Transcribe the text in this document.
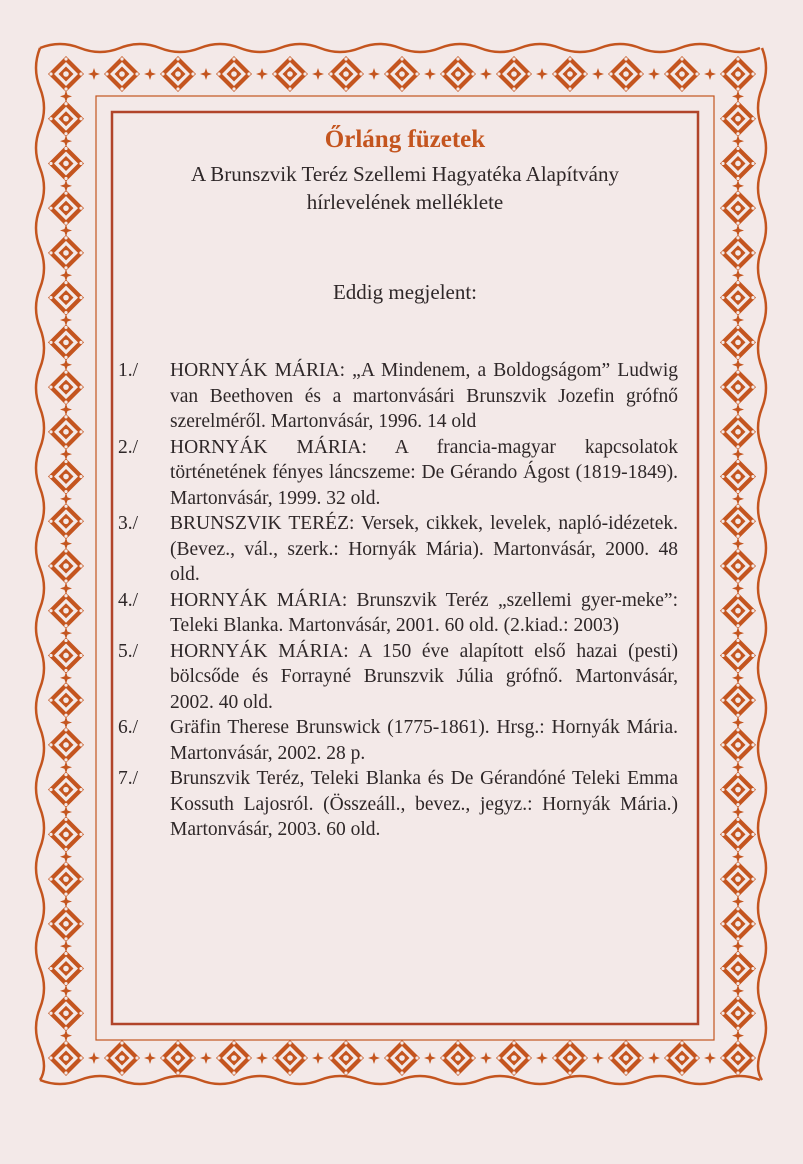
Őrláng füzetek

A Brunszvik Teréz Szellemi Hagyatéka Alapítvány

hírlevelének melléklete

Eddig megjelent:

1./ HORNYÁK MÁRIA: „A Mindenem, a Boldogságom” Ludwig van Beethoven és a martonvásári Brunszvik Jozefin grófnő szerelméről. Martonvásár, 1996. 14 old
2./ HORNYÁK MÁRIA: A francia-magyar kapcsolatok történetének fényes láncszeme: De Gérando Ágost (1819-1849). Martonvásár, 1999. 32 old.
3./ BRUNSZVIK TERÉZ: Versek, cikkek, levelek, napló-idézetek. (Bevez., vál., szerk.: Hornyák Mária). Martonvásár, 2000. 48 old.
4./ HORNYÁK MÁRIA: Brunszvik Teréz „szellemi gyer-meke”: Teleki Blanka. Martonvásár, 2001. 60 old. (2.kiad.: 2003)
5./ HORNYÁK MÁRIA: A 150 éve alapított első hazai (pesti) bölcsőde és Forrayné Brunszvik Júlia grófnő. Martonvásár, 2002. 40 old.
6./ Gräfin Therese Brunswick (1775-1861). Hrsg.: Hornyák Mária. Martonvásár, 2002. 28 p.
7./ Brunszvik Teréz, Teleki Blanka és De Gérandóné Teleki Emma Kossuth Lajosról. (Összeáll., bevez., jegyz.: Hornyák Mária.) Martonvásár, 2003. 60 old.
